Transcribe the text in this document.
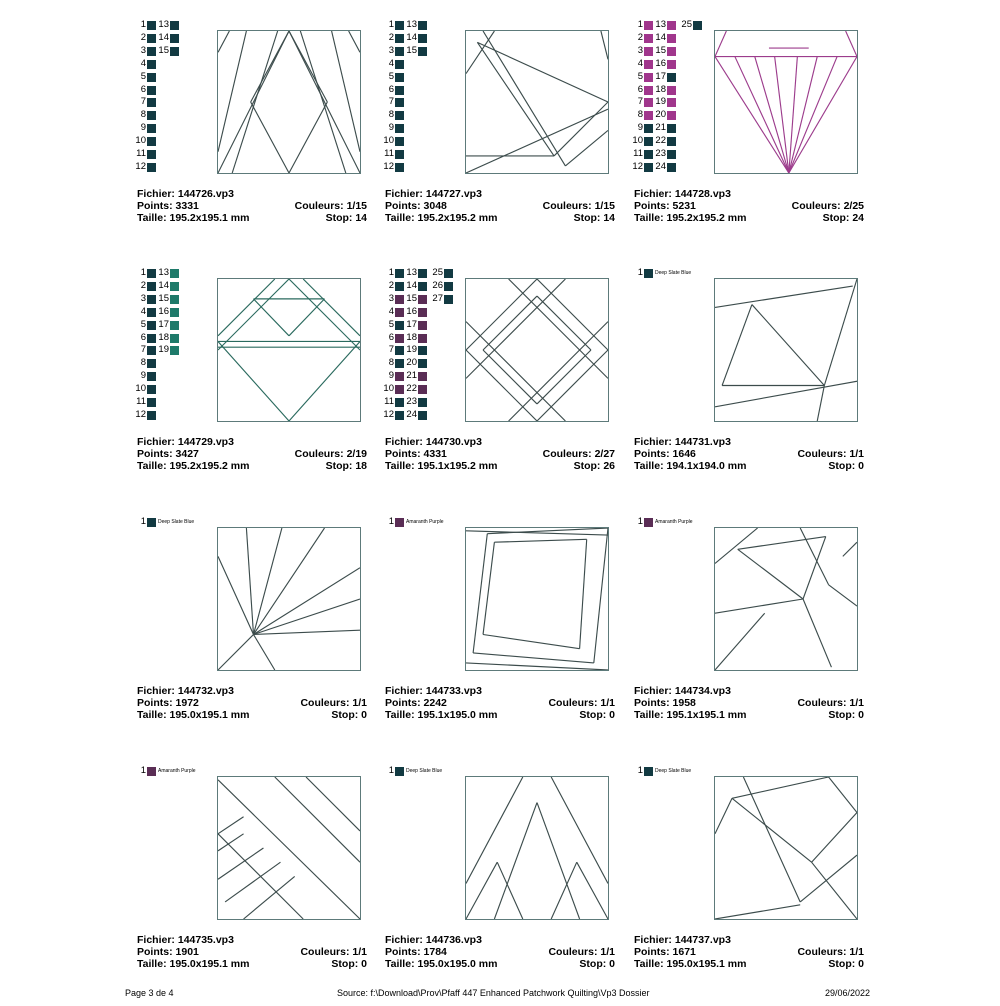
1
2
3
4
5
6
7
8
9
10
11
12
13
14
15
Fichier: 144726.vp3
Points: 3331	Couleurs: 1/15
Taille: 195.2x195.1 mm	Stop: 14
1
2
3
4
5
6
7
8
9
10
11
12
13
14
15
Fichier: 144727.vp3
Points: 3048	Couleurs: 1/15
Taille: 195.2x195.2 mm	Stop: 14
1
2
3
4
5
6
7
8
9
10
11
12
13
14
15
16
17
18
19
20
21
22
23
24
25
Fichier: 144728.vp3
Points: 5231	Couleurs: 2/25
Taille: 195.2x195.2 mm	Stop: 24
1
2
3
4
5
6
7
8
9
10
11
12
13
14
15
16
17
18
19
Fichier: 144729.vp3
Points: 3427	Couleurs: 2/19
Taille: 195.2x195.2 mm	Stop: 18
1
2
3
4
5
6
7
8
9
10
11
12
13
14
15
16
17
18
19
20
21
22
23
24
25
26
27
Fichier: 144730.vp3
Points: 4331	Couleurs: 2/27
Taille: 195.1x195.2 mm	Stop: 26
1 Deep Slate Blue
Fichier: 144731.vp3
Points: 1646	Couleurs: 1/1
Taille: 194.1x194.0 mm	Stop: 0
1 Deep Slate Blue
Fichier: 144732.vp3
Points: 1972	Couleurs: 1/1
Taille: 195.0x195.1 mm	Stop: 0
1 Amaranth Purple
Fichier: 144733.vp3
Points: 2242	Couleurs: 1/1
Taille: 195.1x195.0 mm	Stop: 0
1 Amaranth Purple
Fichier: 144734.vp3
Points: 1958	Couleurs: 1/1
Taille: 195.1x195.1 mm	Stop: 0
1 Amaranth Purple
Fichier: 144735.vp3
Points: 1901	Couleurs: 1/1
Taille: 195.0x195.1 mm	Stop: 0
1 Deep Slate Blue
Fichier: 144736.vp3
Points: 1784	Couleurs: 1/1
Taille: 195.0x195.0 mm	Stop: 0
1 Deep Slate Blue
Fichier: 144737.vp3
Points: 1671	Couleurs: 1/1
Taille: 195.0x195.1 mm	Stop: 0
Page 3 de 4	Source: f:\Download\Prov\Pfaff 447 Enhanced Patchwork Quilting\Vp3 Dossier	29/06/2022
